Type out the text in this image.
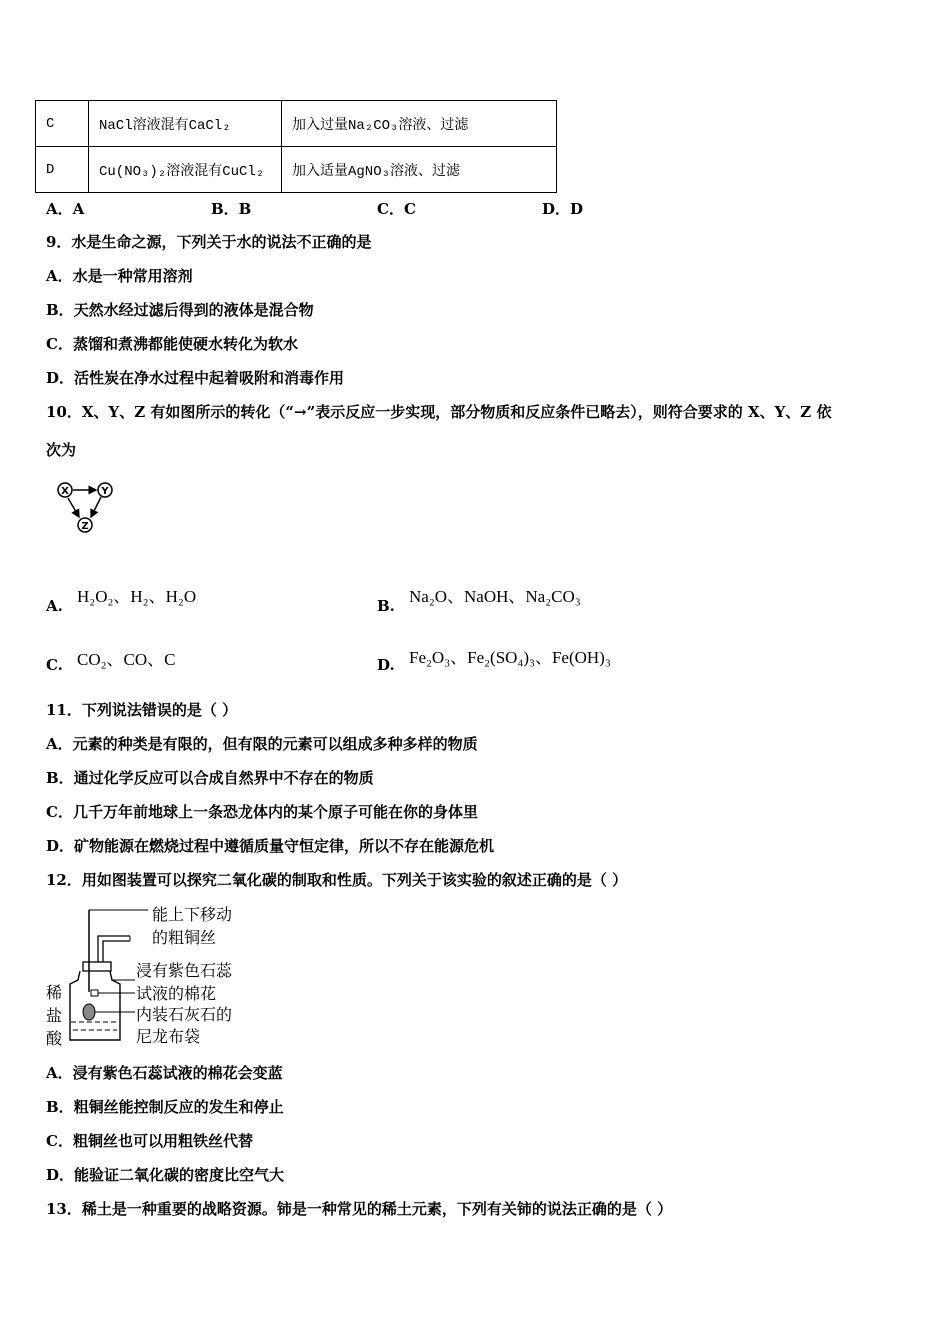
C	NaCl溶液混有CaCl₂	加入过量Na₂CO₃溶液、过滤
D	Cu(NO₃)₂溶液混有CuCl₂	加入适量AgNO₃溶液、过滤
A．A	B．B	C．C	D．D
9．水是生命之源，下列关于水的说法不正确的是
A．水是一种常用溶剂
B．天然水经过滤后得到的液体是混合物
C．蒸馏和煮沸都能使硬水转化为软水
D．活性炭在净水过程中起着吸附和消毒作用
10．X、Y、Z 有如图所示的转化（“→”表示反应一步实现，部分物质和反应条件已略去），则符合要求的 X、Y、Z 依
次为
X	Y
Z
A. H₂O₂、H₂、H₂O	B. Na₂O、NaOH、Na₂CO₃
C. CO₂、CO、C	D. Fe₂O₃、Fe₂(SO₄)₃、Fe(OH)₃
11．下列说法错误的是（ ）
A．元素的种类是有限的，但有限的元素可以组成多种多样的物质
B．通过化学反应可以合成自然界中不存在的物质
C．几千万年前地球上一条恐龙体内的某个原子可能在你的身体里
D．矿物能源在燃烧过程中遵循质量守恒定律，所以不存在能源危机
12．用如图装置可以探究二氧化碳的制取和性质。下列关于该实验的叙述正确的是（ ）
能上下移动
的粗铜丝
浸有紫色石蕊
试液的棉花
内装石灰石的
尼龙布袋
稀
盐
酸
A．浸有紫色石蕊试液的棉花会变蓝
B．粗铜丝能控制反应的发生和停止
C．粗铜丝也可以用粗铁丝代替
D．能验证二氧化碳的密度比空气大
13．稀土是一种重要的战略资源。铈是一种常见的稀土元素，下列有关铈的说法正确的是（ ）
